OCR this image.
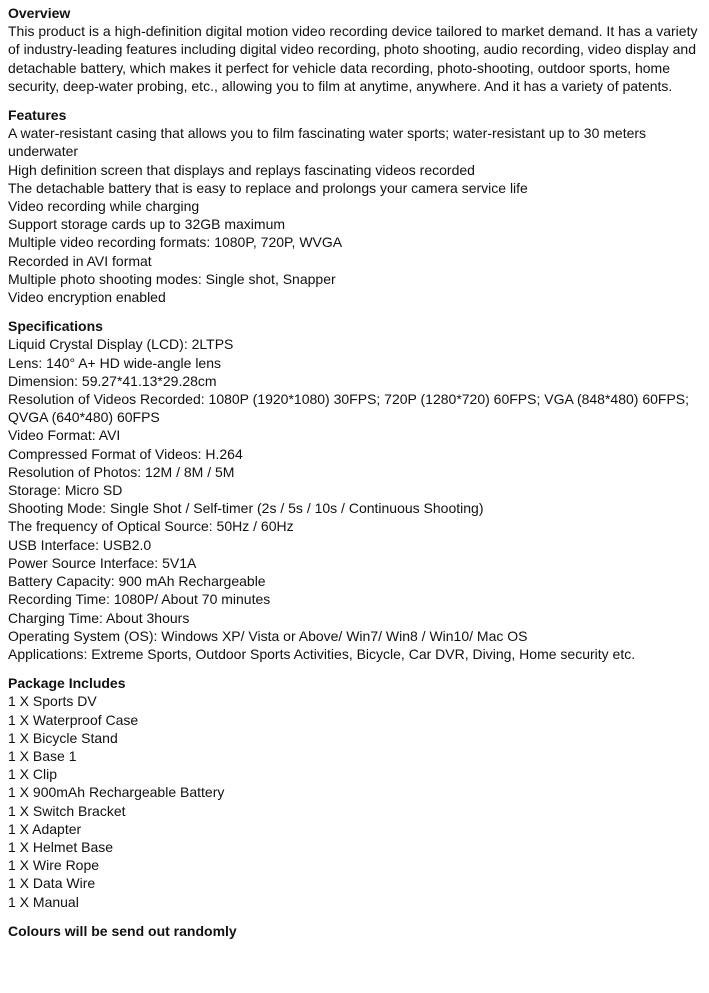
Overview

This product is a high-definition digital motion video recording device tailored to market demand. It has a variety of industry-leading features including digital video recording, photo shooting, audio recording, video display and detachable battery, which makes it perfect for vehicle data recording, photo-shooting, outdoor sports, home security, deep-water probing, etc., allowing you to film at anytime, anywhere. And it has a variety of patents.

Features

A water-resistant casing that allows you to film fascinating water sports; water-resistant up to 30 meters underwater

High definition screen that displays and replays fascinating videos recorded

The detachable battery that is easy to replace and prolongs your camera service life

Video recording while charging

Support storage cards up to 32GB maximum

Multiple video recording formats: 1080P, 720P, WVGA

Recorded in AVI format

Multiple photo shooting modes: Single shot, Snapper

Video encryption enabled

Specifications

Liquid Crystal Display (LCD): 2LTPS

Lens: 140° A+ HD wide-angle lens

Dimension: 59.27*41.13*29.28cm

Resolution of Videos Recorded: 1080P (1920*1080) 30FPS; 720P (1280*720) 60FPS; VGA (848*480) 60FPS; QVGA (640*480) 60FPS

Video Format: AVI

Compressed Format of Videos: H.264

Resolution of Photos: 12M / 8M / 5M

Storage: Micro SD

Shooting Mode: Single Shot / Self-timer (2s / 5s / 10s / Continuous Shooting)

The frequency of Optical Source: 50Hz / 60Hz

USB Interface: USB2.0

Power Source Interface: 5V1A

Battery Capacity: 900 mAh Rechargeable

Recording Time: 1080P/ About 70 minutes

Charging Time: About 3hours

Operating System (OS): Windows XP/ Vista or Above/ Win7/ Win8 / Win10/ Mac OS

Applications: Extreme Sports, Outdoor Sports Activities, Bicycle, Car DVR, Diving, Home security etc.

Package Includes

1 X Sports DV

1 X Waterproof Case

1 X Bicycle Stand

1 X Base 1

1 X Clip

1 X 900mAh Rechargeable Battery

1 X Switch Bracket

1 X Adapter

1 X Helmet Base

1 X Wire Rope

1 X Data Wire

1 X Manual

Colours will be send out randomly
